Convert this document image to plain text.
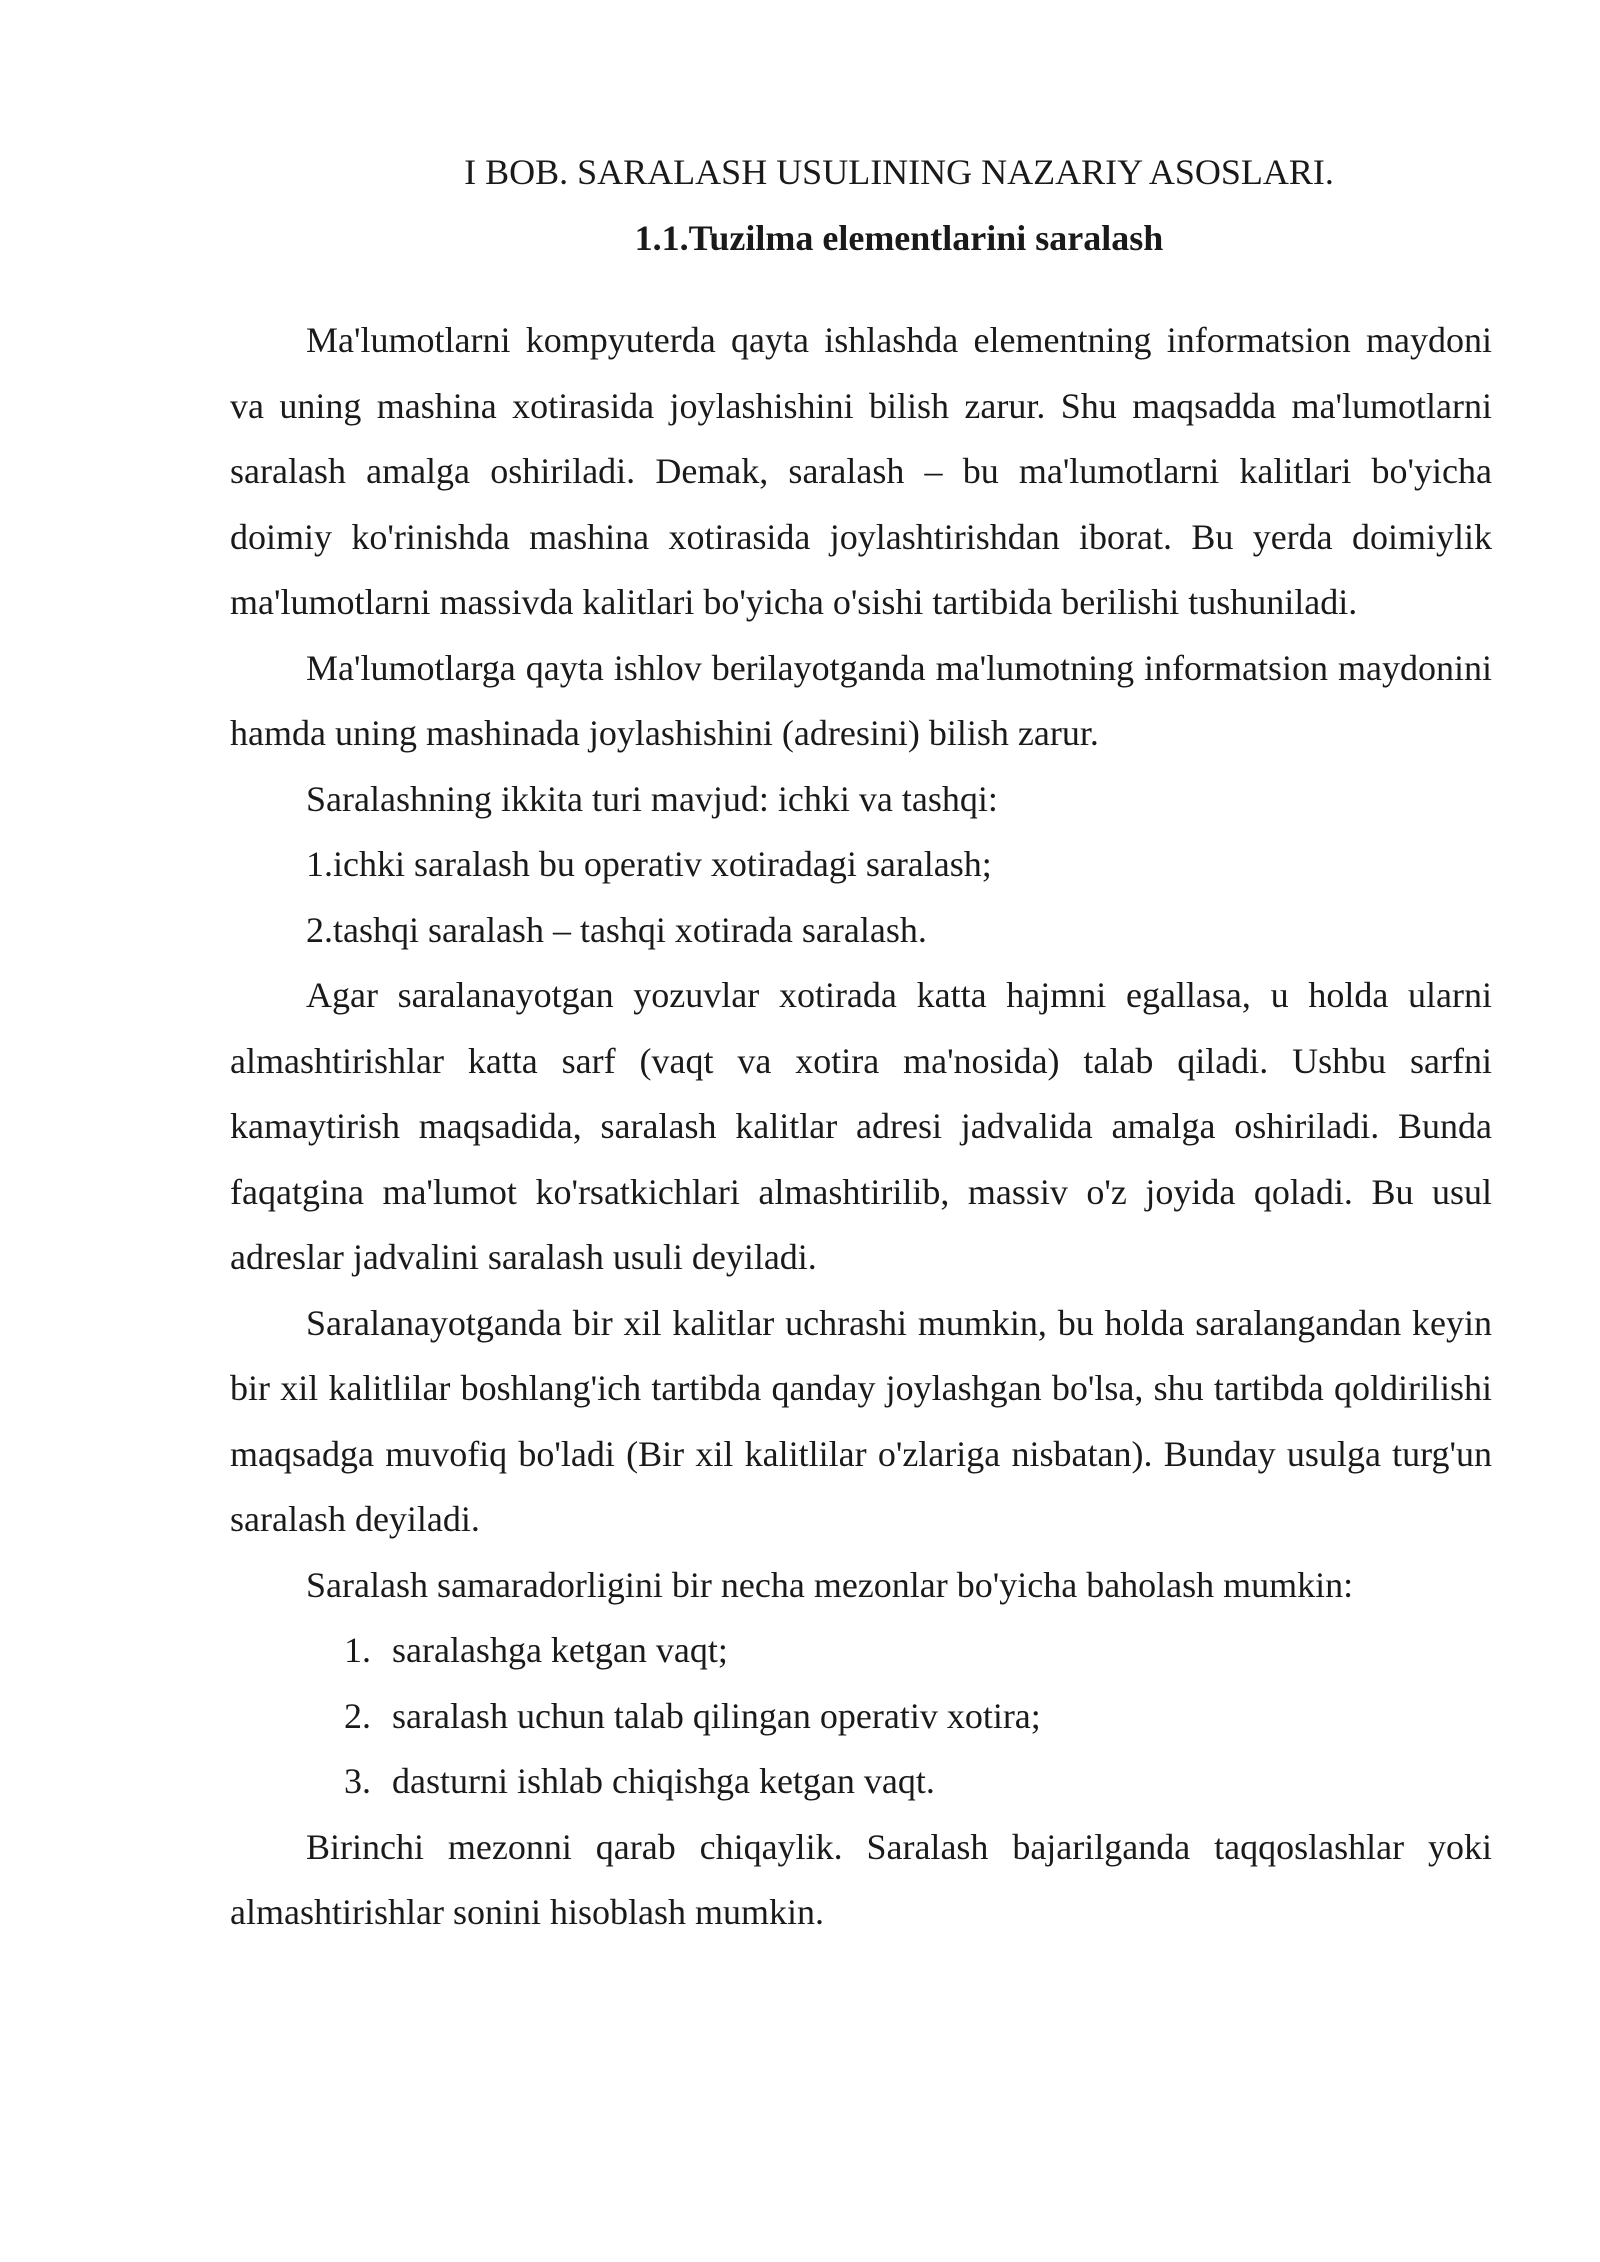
I BOB. SARALASH USULINING NAZARIY ASOSLARI.
1.1.Tuzilma elementlarini saralash

Ma'lumotlarni kompyuterda qayta ishlashda elementning informatsion maydoni va uning mashina xotirasida joylashishini bilish zarur. Shu maqsadda ma'lumotlarni saralash amalga oshiriladi. Demak, saralash – bu ma'lumotlarni kalitlari bo'yicha doimiy ko'rinishda mashina xotirasida joylashtirishdan iborat. Bu yerda doimiylik ma'lumotlarni massivda kalitlari bo'yicha o'sishi tartibida berilishi tushuniladi.

Ma'lumotlarga qayta ishlov berilayotganda ma'lumotning informatsion maydonini hamda uning mashinada joylashishini (adresini) bilish zarur.

Saralashning ikkita turi mavjud: ichki va tashqi:

1.ichki saralash bu operativ xotiradagi saralash;

2.tashqi saralash – tashqi xotirada saralash.

Agar saralanayotgan yozuvlar xotirada katta hajmni egallasa, u holda ularni almashtirishlar katta sarf (vaqt va xotira ma'nosida) talab qiladi. Ushbu sarfni kamaytirish maqsadida, saralash kalitlar adresi jadvalida amalga oshiriladi. Bunda faqatgina ma'lumot ko'rsatkichlari almashtirilib, massiv o'z joyida qoladi. Bu usul adreslar jadvalini saralash usuli deyiladi.

Saralanayotganda bir xil kalitlar uchrashi mumkin, bu holda saralangandan keyin bir xil kalitlilar boshlang'ich tartibda qanday joylashgan bo'lsa, shu tartibda qoldirilishi maqsadga muvofiq bo'ladi (Bir xil kalitlilar o'zlariga nisbatan). Bunday usulga turg'un saralash deyiladi.

Saralash samaradorligini bir necha mezonlar bo'yicha baholash mumkin:

1. saralashga ketgan vaqt;
2. saralash uchun talab qilingan operativ xotira;
3. dasturni ishlab chiqishga ketgan vaqt.

Birinchi mezonni qarab chiqaylik. Saralash bajarilganda taqqoslashlar yoki almashtirishlar sonini hisoblash mumkin.
